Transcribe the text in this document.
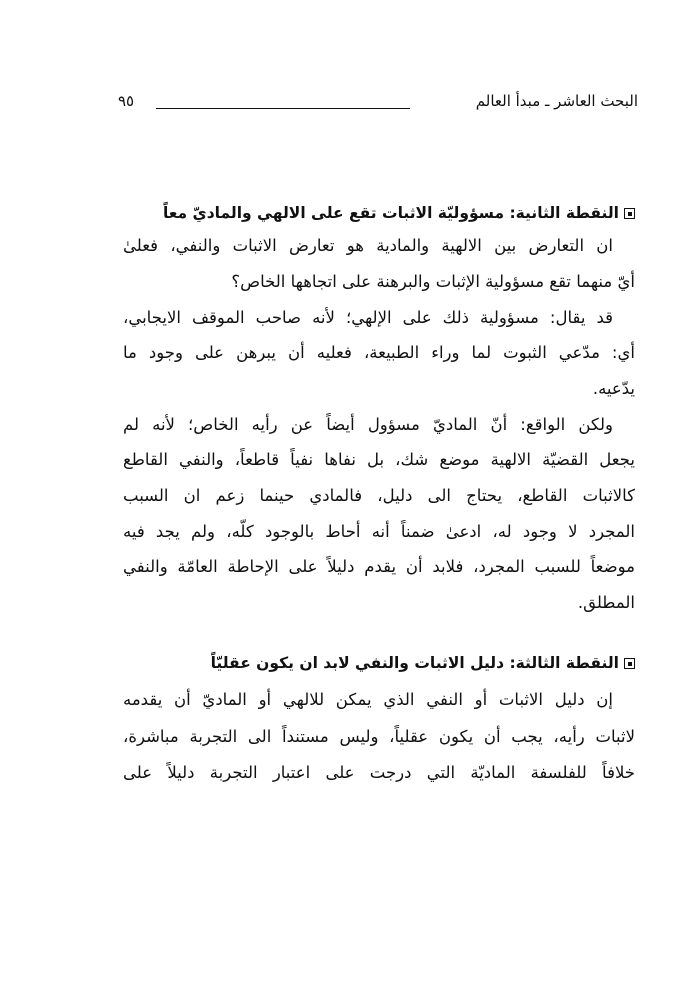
البحث العاشر ـ مبدأ العالم
٩٥
النقطة الثانية: مسؤوليّة الاثبات تقع على الالهي والماديّ معاً
ان التعارض بين الالهية والمادية هو تعارض الاثبات والنفي، فعلىٰ
أيّ منهما تقع مسؤولية الإثبات والبرهنة على اتجاهها الخاص؟
قد يقال: مسؤولية ذلك على الإلهي؛ لأنه صاحب الموقف الايجابي،
أي: مدّعي الثبوت لما وراء الطبيعة، فعليه أن يبرهن على وجود ما
يدّعيه.
ولكن الواقع: أنّ الماديّ مسؤول أيضاً عن رأيه الخاص؛ لأنه لم
يجعل القضيّة الالهية موضع شك، بل نفاها نفياً قاطعاً، والنفي القاطع
كالاثبات القاطع، يحتاج الى دليل، فالمادي حينما زعم ان السبب
المجرد لا وجود له، ادعىٰ ضمناً أنه أحاط بالوجود كلّه، ولم يجد فيه
موضعاً للسبب المجرد، فلابد أن يقدم دليلاً على الإحاطة العامّة والنفي
المطلق.
النقطة الثالثة: دليل الاثبات والنفي لابد ان يكون عقليّاً
إن دليل الاثبات أو النفي الذي يمكن للالهي أو الماديّ أن يقدمه
لاثبات رأيه، يجب أن يكون عقلياً، وليس مستنداً الى التجربة مباشرة،
خلافاً للفلسفة الماديّة التي درجت على اعتبار التجربة دليلاً على
